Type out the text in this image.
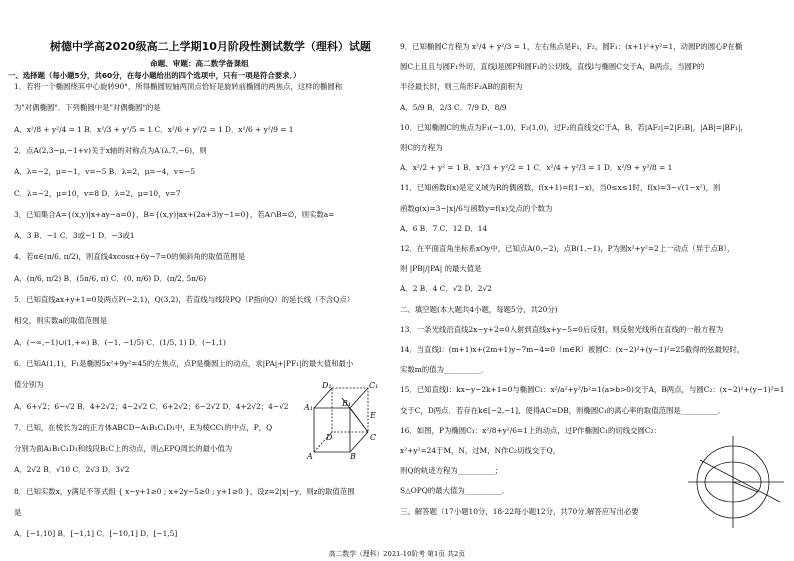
树德中学高2020级高二上学期10月阶段性测试数学（理科）试题
命题、审题：高二数学备课组
一、选择题（每小题5分，共60分，在每小题给出的四个选项中，只有一项是符合要求．）
1．若将一个椭圆绕其中心旋转90°，所得椭圆短轴两顶点恰好是旋转前椭圆的两焦点，这样的椭圆称
为"对偶椭圆"．下列椭圆中是"对偶椭圆"的是
A．x²/8 + y²/4 = 1 B．x²/3 + y²/5 = 1 C．x²/6 + y²/2 = 1 D．x²/6 + y²/9 = 1
2．点A(2,3−μ,−1+v)关于x轴的对称点为A′(λ,7,−6)，则
A．λ=−2，μ=−1，v=−5 B．λ=2，μ=−4，v=−5
C．λ=−2，μ=10，v=8 D．λ=2，μ=10，v=7
3．已知集合A={(x,y)|x+ay−a=0}，B={(x,y)|ax+(2a+3)y−1=0}，若A∩B=∅，则实数a=
A．3 B．−1 C．3或−1 D．−3或1
4．若α∈(π/6, π/2)，则直线4xcosα+6y−7=0的倾斜角的取值范围是
A．(π/6, π/2) B．(5π/6, π) C．(0, π/6) D．(π/2, 5π/6)
5．已知直线ax+y+1=0及两点P(−2,1)，Q(3,2)，若直线与线段PQ（P指向Q）的延长线（不含Q点）
相交，则实数a的取值范围是
A．(−∞,−1)∪(1,+∞) B．(−1, −1/5) C．(1/5, 1) D．(−1,1)
6．已知A(1,1)，F₁是椭圆5x²+9y²=45的左焦点，点P是椭圆上的动点，求|PA|+|PF₁|的最大值和最小
值分别为
A．6+√2；6−√2 B．4+2√2；4−2√2 C．6+2√2；6−2√2 D．4+2√2；4−√2
7．已知，在棱长为2的正方体ABCD−A₁B₁C₁D₁中，E为棱CC₁的中点，P，Q
分别为面A₁B₁C₁D₁和线段B₁C上的动点，则△EPQ周长的最小值为
A．2√2 B．√10 C．2√3 D．3√2
8．已知实数x，y满足不等式组 { x−y+1≥0 ; x+2y−5≥0 ; y+1≥0 }，设z=2|x|−y，则z的取值范围
是
A．[−1,10] B．[−1,1] C．[−10,1] D．[−1,5]
9．已知椭圆C方程为 x²/4 + y²/3 = 1，左右焦点是F₁，F₂，圆F₁：(x+1)²+y²=1，动圆P的圆心P在椭
圆C上且且与圆F₁外切，直线l是圆P和圆F₁的公切线，直线l与椭圆C交于A，B两点，当圆P的
半径最长时，则三角形F₂AB的面积为
A．5/9 B．2/3 C．7/9 D．8/9
10．已知椭圆C的焦点为F₁(−1,0)，F₂(1,0)，过F₂的直线交C于A，B，若|AF₂|=2|F₂B|，|AB|=|BF₁|，
则C的方程为
A．x²/2 + y² = 1 B．x²/3 + y²/2 = 1 C．x²/4 + y²/3 = 1 D．x²/9 + y²/8 = 1
11．已知函数f(x)是定义域为R的偶函数，f(x+1)=f(1−x)，当0≤x≤1时，f(x)=3−√(1−x²)，则
函数g(x)=3−|x|/6与函数y=f(x)交点的个数为
A．6 B．7 C．12 D．14
12．在平面直角坐标系xOy中，已知点A(0,−2)，点B(1,−1)，P为圆x²+y²=2上一动点（异于点B），
则 |PB|/|PA| 的最大值是
A．2 B．4 C．√2 D．2√2
二、填空题(本大题共4小题，每题5分，共20分)
13．一条光线沿直线2x−y+2=0入射到直线x+y−5=0后反射，则反射光线所在直线的一般方程为
14．当直线l：(m+1)x+(2m+1)y−7m−4=0（m∈R）被圆C：(x−2)²+(y−1)²=25截得的弦最短时，
实数m的值为__________．
15．已知直线l：kx−y−2k+1=0与椭圆C₁：x²/a²+y²/b²=1(a>b>0)交于A，B两点，与圆C₂：(x−2)²+(y−1)²=1
交于C，D两点．若存在k∈[−2,−1]，使得AC=DB，则椭圆C₁的离心率的取值范围是__________．
16．如图，P为椭圆C₁：x²/8+y²/6=1上的动点，过P作椭圆C₁的切线交圆C₂：
x²+y²=24于M，N，过M，N作C₂切线交于Q，
则Q的轨迹方程为__________；
S△OPQ的最大值为__________．
三、解答题（17小题10分，18-22每小题12分，共70分.解答应写出必要
D₁	C₁
A₁	B₁
E
D	C
A	B
高二数学（理科）2021-10阶考 第1页 共2页
